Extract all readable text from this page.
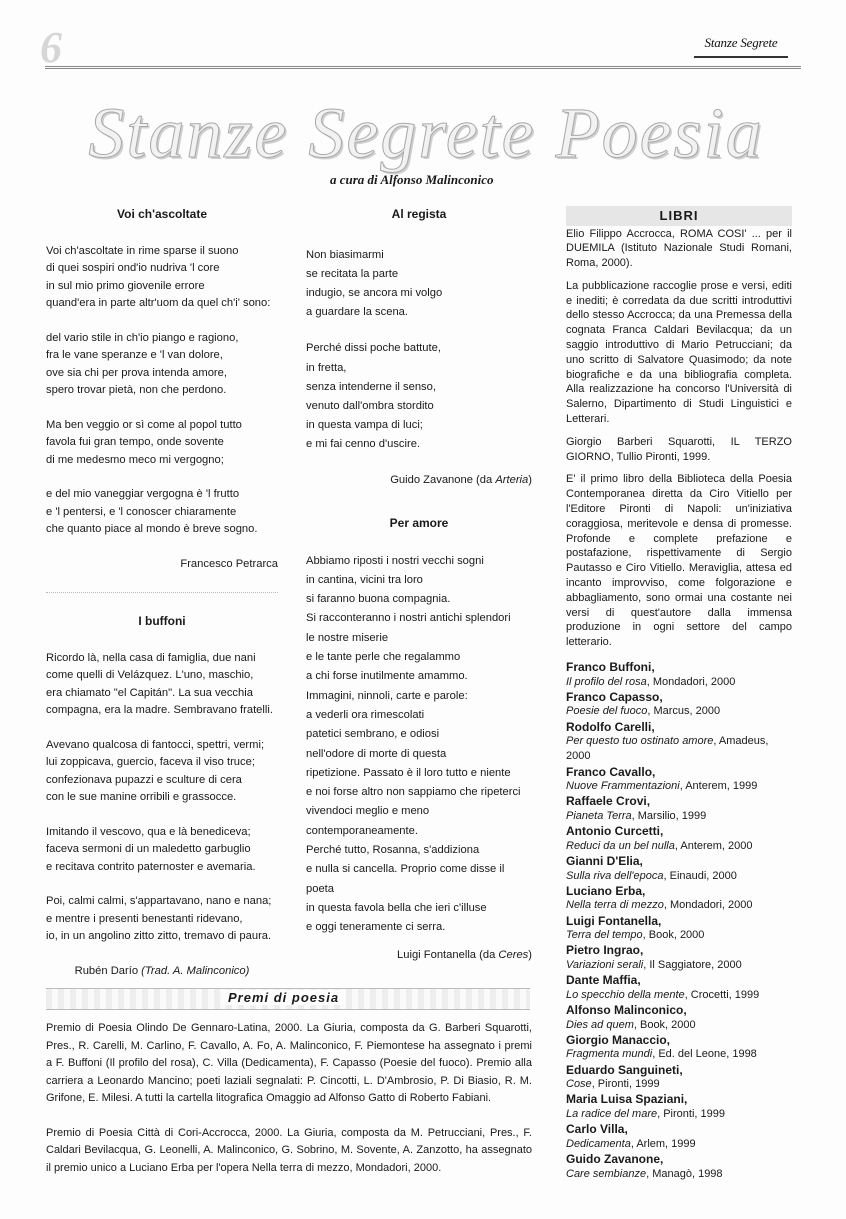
6	Stanze Segrete
Stanze Segrete Poesia
a cura di Alfonso Malinconico
Voi ch'ascoltate
Voi ch'ascoltate in rime sparse il suono
di quei sospiri ond'io nudriva 'l core
in sul mio primo giovenile errore
quand'era in parte altr'uom da quel ch'i' sono:
del vario stile in ch'io piango e ragiono,
fra le vane speranze e 'l van dolore,
ove sia chi per prova intenda amore,
spero trovar pietà, non che perdono.
Ma ben veggio or sì come al popol tutto
favola fui gran tempo, onde sovente
di me medesmo meco mi vergogno;
e del mio vaneggiar vergogna è 'l frutto
e 'l pentersi, e 'l conoscer chiaramente
che quanto piace al mondo è breve sogno.
Francesco Petrarca
I buffoni
Ricordo là, nella casa di famiglia, due nani
come quelli di Velázquez. L'uno, maschio,
era chiamato "el Capitán". La sua vecchia
compagna, era la madre. Sembravano fratelli.
Avevano qualcosa di fantocci, spettri, vermi;
lui zoppicava, guercio, faceva il viso truce;
confezionava pupazzi e sculture di cera
con le sue manine orribili e grassocce.
Imitando il vescovo, qua e là benediceva;
faceva sermoni di un maledetto garbuglio
e recitava contrito paternoster e avemaria.
Poi, calmi calmi, s'appartavano, nano e nana;
e mentre i presenti benestanti ridevano,
io, in un angolino zitto zitto, tremavo di paura.
Rubén Darío (Trad. A. Malinconico)
Al regista
Non biasimarmi
se recitata la parte
indugio, se ancora mi volgo
a guardare la scena.
Perché dissi poche battute,
in fretta,
senza intenderne il senso,
venuto dall'ombra stordito
in questa vampa di luci;
e mi fai cenno d'uscire.
Guido Zavanone (da Arteria)
Per amore
Abbiamo riposti i nostri vecchi sogni
in cantina, vicini tra loro
si faranno buona compagnia.
Si racconteranno i nostri antichi splendori
le nostre miserie
e le tante perle che regalammo
a chi forse inutilmente amammo.
Immagini, ninnoli, carte e parole:
a vederli ora rimescolati
patetici sembrano, e odiosi
nell'odore di morte di questa
ripetizione. Passato è il loro tutto e niente
e noi forse altro non sappiamo che ripeterci
vivendoci meglio e meno
contemporaneamente.
Perché tutto, Rosanna, s'addiziona
e nulla si cancella. Proprio come disse il poeta
in questa favola bella che ieri c'illuse
e oggi teneramente ci serra.
Luigi Fontanella (da Ceres)
LIBRI

Elio Filippo Accrocca, ROMA COSI' ... per il DUEMILA (Istituto Nazionale Studi Romani, Roma, 2000).

La pubblicazione raccoglie prose e versi, editi e inediti; è corredata da due scritti introduttivi dello stesso Accrocca; da una Premessa della cognata Franca Caldari Bevilacqua; da un saggio introduttivo di Mario Petrucciani; da uno scritto di Salvatore Quasimodo; da note biografiche e da una bibliografia completa. Alla realizzazione ha concorso l'Università di Salerno, Dipartimento di Studi Linguistici e Letterari.

Giorgio Barberi Squarotti, IL TERZO GIORNO, Tullio Pironti, 1999.

E' il primo libro della Biblioteca della Poesia Contemporanea diretta da Ciro Vitiello per l'Editore Pironti di Napoli: un'iniziativa coraggiosa, meritevole e densa di promesse. Profonde e complete prefazione e postafazione, rispettivamente di Sergio Pautasso e Ciro Vitiello. Meraviglia, attesa ed incanto improvviso, come folgorazione e abbagliamento, sono ormai una costante nei versi di quest'autore dalla immensa produzione in ogni settore del campo letterario.

Franco Buffoni,
Il profilo del rosa, Mondadori, 2000
Franco Capasso,
Poesie del fuoco, Marcus, 2000
Rodolfo Carelli,
Per questo tuo ostinato amore, Amadeus, 2000
Franco Cavallo,
Nuove Frammentazioni, Anterem, 1999
Raffaele Crovi,
Pianeta Terra, Marsilio, 1999
Antonio Curcetti,
Reduci da un bel nulla, Anterem, 2000
Gianni D'Elia,
Sulla riva dell'epoca, Einaudi, 2000
Luciano Erba,
Nella terra di mezzo, Mondadori, 2000
Luigi Fontanella,
Terra del tempo, Book, 2000
Pietro Ingrao,
Variazioni serali, Il Saggiatore, 2000
Dante Maffia,
Lo specchio della mente, Crocetti, 1999
Alfonso Malinconico,
Dies ad quem, Book, 2000
Giorgio Manaccio,
Fragmenta mundi, Ed. del Leone, 1998
Eduardo Sanguineti,
Cose, Pironti, 1999
Maria Luisa Spaziani,
La radice del mare, Pironti, 1999
Carlo Villa,
Dedicamenta, Arlem, 1999
Guido Zavanone,
Care sembianze, Managò, 1998
Premi di poesia

Premio di Poesia Olindo De Gennaro-Latina, 2000. La Giuria, composta da G. Barberi Squarotti, Pres., R. Carelli, M. Carlino, F. Cavallo, A. Fo, A. Malinconico, F. Piemontese ha assegnato i premi a F. Buffoni (Il profilo del rosa), C. Villa (Dedicamenta), F. Capasso (Poesie del fuoco). Premio alla carriera a Leonardo Mancino; poeti laziali segnalati: P. Cincotti, L. D'Ambrosio, P. Di Biasio, R. M. Grifone, E. Milesi. A tutti la cartella litografica Omaggio ad Alfonso Gatto di Roberto Fabiani.

Premio di Poesia Città di Cori-Accrocca, 2000. La Giuria, composta da M. Petrucciani, Pres., F. Caldari Bevilacqua, G. Leonelli, A. Malinconico, G. Sobrino, M. Sovente, A. Zanzotto, ha assegnato il premio unico a Luciano Erba per l'opera Nella terra di mezzo, Mondadori, 2000.
